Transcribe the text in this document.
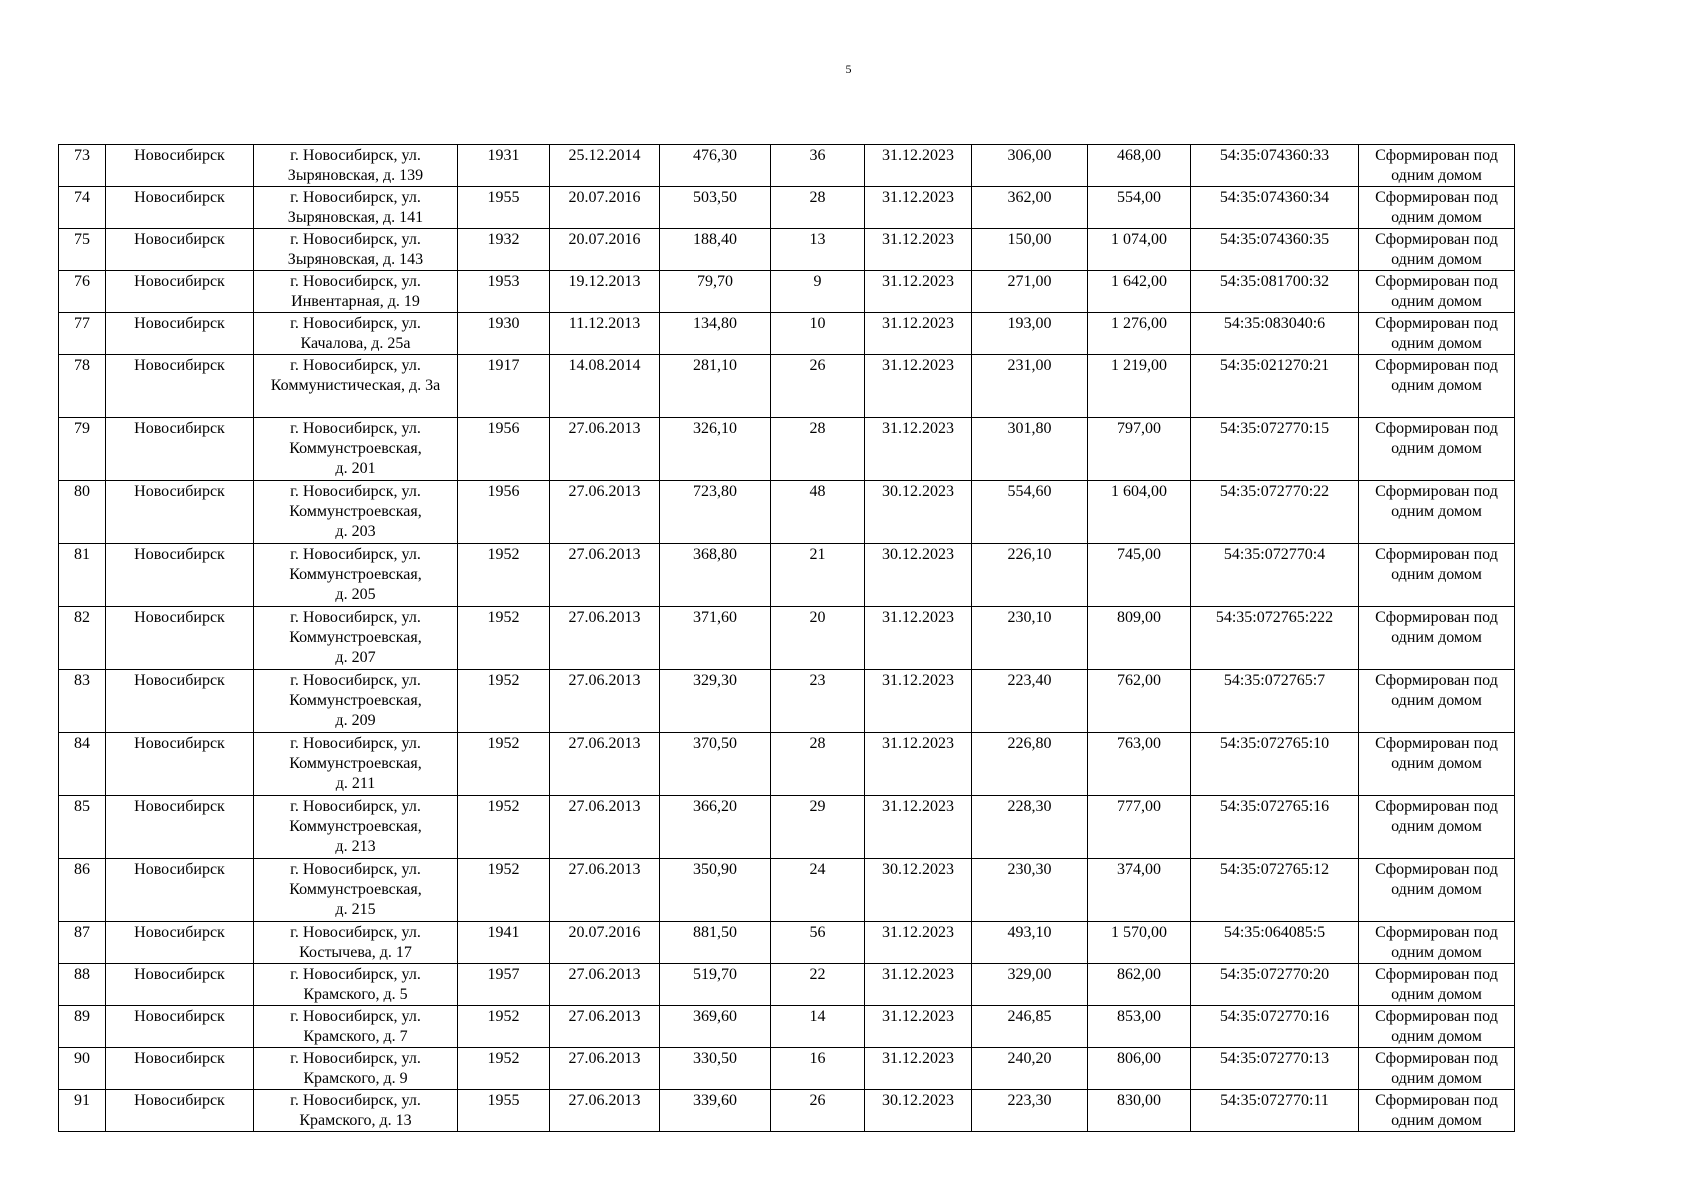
5
73	Новосибирск	г. Новосибирск, ул.
Зыряновская, д. 139	1931	25.12.2014	476,30	36	31.12.2023	306,00	468,00	54:35:074360:33	Сформирован под
одним домом

74	Новосибирск	г. Новосибирск, ул.
Зыряновская, д. 141	1955	20.07.2016	503,50	28	31.12.2023	362,00	554,00	54:35:074360:34	Сформирован под
одним домом

75	Новосибирск	г. Новосибирск, ул.
Зыряновская, д. 143	1932	20.07.2016	188,40	13	31.12.2023	150,00	1 074,00	54:35:074360:35	Сформирован под
одним домом

76	Новосибирск	г. Новосибирск, ул.
Инвентарная, д. 19	1953	19.12.2013	79,70	9	31.12.2023	271,00	1 642,00	54:35:081700:32	Сформирован под
одним домом

77	Новосибирск	г. Новосибирск, ул.
Качалова, д. 25а	1930	11.12.2013	134,80	10	31.12.2023	193,00	1 276,00	54:35:083040:6	Сформирован под
одним домом

78	Новосибирск	г. Новосибирск, ул.
Коммунистическая, д. 3а	1917	14.08.2014	281,10	26	31.12.2023	231,00	1 219,00	54:35:021270:21	Сформирован под
одним домом

79	Новосибирск	г. Новосибирск, ул.
Коммунстроевская,
д. 201	1956	27.06.2013	326,10	28	31.12.2023	301,80	797,00	54:35:072770:15	Сформирован под
одним домом

80	Новосибирск	г. Новосибирск, ул.
Коммунстроевская,
д. 203	1956	27.06.2013	723,80	48	30.12.2023	554,60	1 604,00	54:35:072770:22	Сформирован под
одним домом

81	Новосибирск	г. Новосибирск, ул.
Коммунстроевская,
д. 205	1952	27.06.2013	368,80	21	30.12.2023	226,10	745,00	54:35:072770:4	Сформирован под
одним домом

82	Новосибирск	г. Новосибирск, ул.
Коммунстроевская,
д. 207	1952	27.06.2013	371,60	20	31.12.2023	230,10	809,00	54:35:072765:222	Сформирован под
одним домом

83	Новосибирск	г. Новосибирск, ул.
Коммунстроевская,
д. 209	1952	27.06.2013	329,30	23	31.12.2023	223,40	762,00	54:35:072765:7	Сформирован под
одним домом

84	Новосибирск	г. Новосибирск, ул.
Коммунстроевская,
д. 211	1952	27.06.2013	370,50	28	31.12.2023	226,80	763,00	54:35:072765:10	Сформирован под
одним домом

85	Новосибирск	г. Новосибирск, ул.
Коммунстроевская,
д. 213	1952	27.06.2013	366,20	29	31.12.2023	228,30	777,00	54:35:072765:16	Сформирован под
одним домом

86	Новосибирск	г. Новосибирск, ул.
Коммунстроевская,
д. 215	1952	27.06.2013	350,90	24	30.12.2023	230,30	374,00	54:35:072765:12	Сформирован под
одним домом

87	Новосибирск	г. Новосибирск, ул.
Костычева, д. 17	1941	20.07.2016	881,50	56	31.12.2023	493,10	1 570,00	54:35:064085:5	Сформирован под
одним домом

88	Новосибирск	г. Новосибирск, ул.
Крамского, д. 5	1957	27.06.2013	519,70	22	31.12.2023	329,00	862,00	54:35:072770:20	Сформирован под
одним домом

89	Новосибирск	г. Новосибирск, ул.
Крамского, д. 7	1952	27.06.2013	369,60	14	31.12.2023	246,85	853,00	54:35:072770:16	Сформирован под
одним домом

90	Новосибирск	г. Новосибирск, ул.
Крамского, д. 9	1952	27.06.2013	330,50	16	31.12.2023	240,20	806,00	54:35:072770:13	Сформирован под
одним домом

91	Новосибирск	г. Новосибирск, ул.
Крамского, д. 13	1955	27.06.2013	339,60	26	30.12.2023	223,30	830,00	54:35:072770:11	Сформирован под
одним домом
